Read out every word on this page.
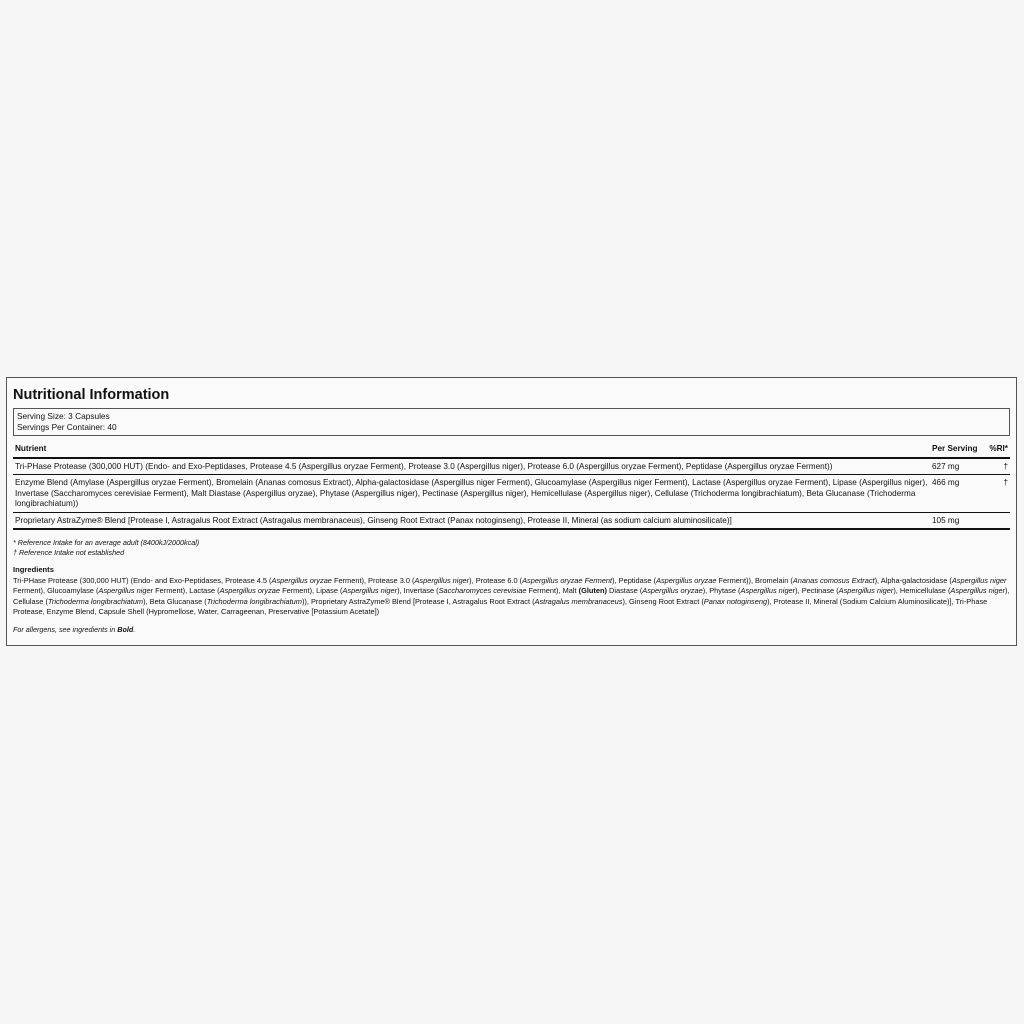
Nutritional Information
Serving Size: 3 Capsules
Servings Per Container: 40
Nutrient	Per Serving	%RI*
Tri-PHase Protease (300,000 HUT) (Endo- and Exo-Peptidases, Protease 4.5 (Aspergillus oryzae Ferment), Protease 3.0 (Aspergillus niger), Protease 6.0 (Aspergillus oryzae Ferment), Peptidase (Aspergillus oryzae Ferment))	627 mg	†
Enzyme Blend (Amylase (Aspergillus oryzae Ferment), Bromelain (Ananas comosus Extract), Alpha-galactosidase (Aspergillus niger Ferment), Glucoamylase (Aspergillus niger Ferment), Lactase (Aspergillus oryzae Ferment), Lipase (Aspergillus niger), Invertase (Saccharomyces cerevisiae Ferment), Malt Diastase (Aspergillus oryzae), Phytase (Aspergillus niger), Pectinase (Aspergillus niger), Hemicellulase (Aspergillus niger), Cellulase (Trichoderma longibrachiatum), Beta Glucanase (Trichoderma longibrachiatum))	466 mg	†
Proprietary AstraZyme® Blend [Protease I, Astragalus Root Extract (Astragalus membranaceus), Ginseng Root Extract (Panax notoginseng), Protease II, Mineral (as sodium calcium aluminosilicate)]	105 mg	
* Reference Intake for an average adult (8400kJ/2000kcal)
† Reference Intake not established
Ingredients
Tri-PHase Protease (300,000 HUT) (Endo- and Exo-Peptidases, Protease 4.5 (Aspergillus oryzae Ferment), Protease 3.0 (Aspergillus niger), Protease 6.0 (Aspergillus oryzae Ferment), Peptidase (Aspergillus oryzae Ferment)), Bromelain (Ananas comosus Extract), Alpha-galactosidase (Aspergillus niger Ferment), Glucoamylase (Aspergillus niger Ferment), Lactase (Aspergillus oryzae Ferment), Lipase (Aspergillus niger), Invertase (Saccharomyces cerevisiae Ferment), Malt (Gluten) Diastase (Aspergillus oryzae), Phytase (Aspergillus niger), Pectinase (Aspergillus niger), Hemicellulase (Aspergillus niger), Cellulase (Trichoderma longibrachiatum), Beta Glucanase (Trichoderma longibrachiatum)), Proprietary AstraZyme® Blend [Protease I, Astragalus Root Extract (Astragalus membranaceus), Ginseng Root Extract (Panax notoginseng), Protease II, Mineral (Sodium Calcium Aluminosilicate)], Tri-Phase Protease, Enzyme Blend, Capsule Shell (Hypromellose, Water, Carrageenan, Preservative [Potassium Acetate])
For allergens, see ingredients in Bold.
